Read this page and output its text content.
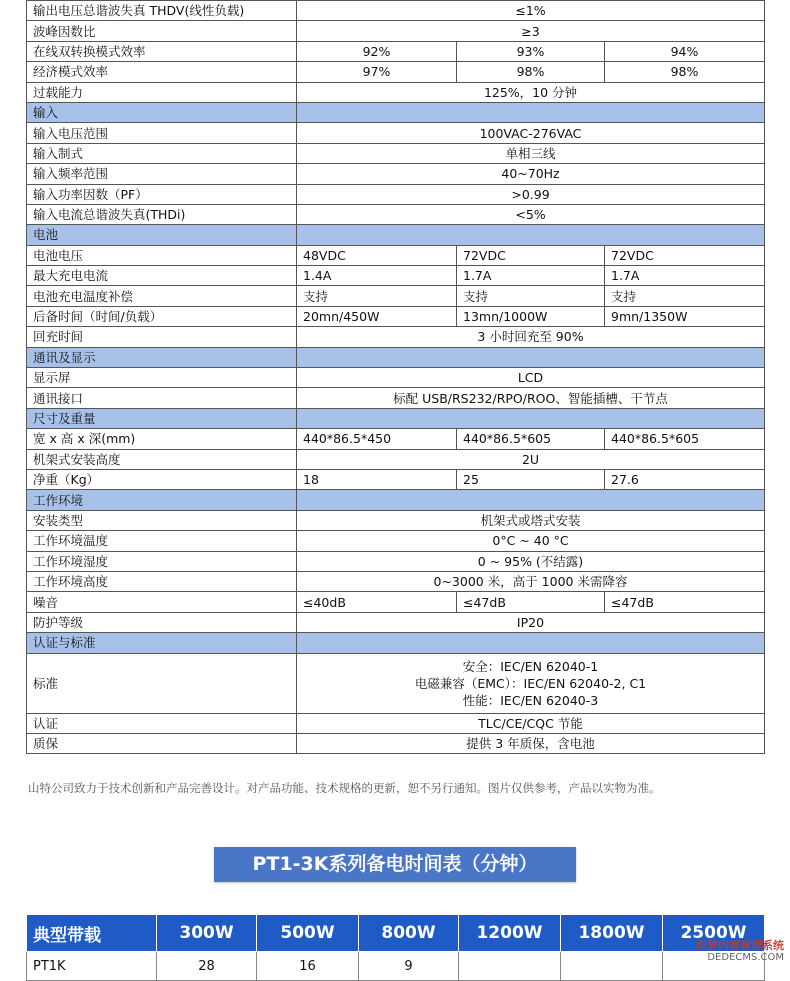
输出电压总谐波失真 THDV(线性负载)	≤1%		
波峰因数比	≥3		
在线双转换模式效率	92%	93%	94%
经济模式效率	97%	98%	98%
过载能力	125%，10 分钟		
输入			
输入电压范围	100VAC-276VAC		
输入制式	单相三线		
输入频率范围	40~70Hz		
输入功率因数（PF）	>0.99		
输入电流总谐波失真(THDi)	<5%		
电池			
电池电压	48VDC	72VDC	72VDC
最大充电电流	1.4A	1.7A	1.7A
电池充电温度补偿	支持	支持	支持
后备时间（时间/负载）	20mn/450W	13mn/1000W	9mn/1350W
回充时间	3 小时回充至 90%		
通讯及显示			
显示屏	LCD		
通讯接口	标配 USB/RS232/RPO/ROO、智能插槽、干节点		
尺寸及重量			
宽 x 高 x 深(mm)	440*86.5*450	440*86.5*605	440*86.5*605
机架式安装高度	2U		
净重（Kg）	18	25	27.6
工作环境			
安装类型	机架式或塔式安装		
工作环境温度	0°C ~ 40 °C		
工作环境湿度	0 ~ 95% (不结露)		
工作环境高度	0~3000 米，高于 1000 米需降容		
噪音	≤40dB	≤47dB	≤47dB
防护等级	IP20		
认证与标准			
标准	安全：IEC/EN 62040-1
电磁兼容（EMC）：IEC/EN 62040-2, C1
性能：IEC/EN 62040-3		

认证	TLC/CE/CQC 节能		
质保	提供 3 年质保，含电池		
山特公司致力于技术创新和产品完善设计。对产品功能、技术规格的更新，恕不另行通知。图片仅供参考，产品以实物为准。
PT1-3K系列备电时间表（分钟）
典型带载	300W	500W	800W	1200W	1800W	2500W
PT1K	28	16	9			
织梦内容管理系统
DEDECMS.COM
